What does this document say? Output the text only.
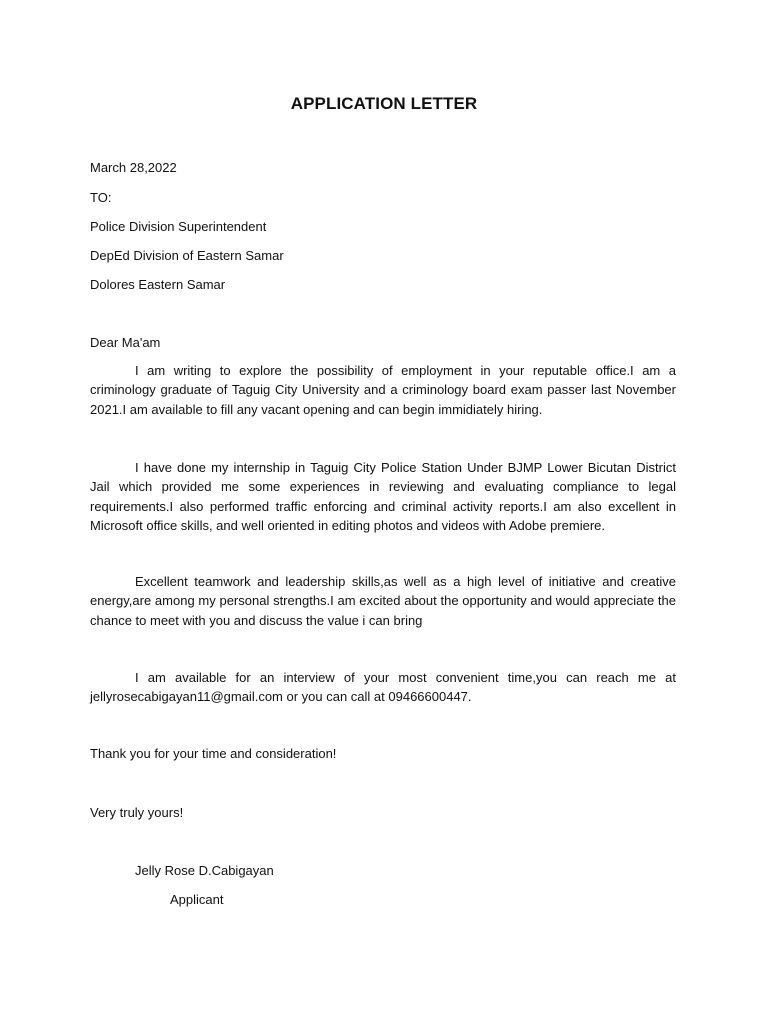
APPLICATION LETTER
March 28,2022
TO:
Police Division Superintendent
DepEd Division of Eastern Samar
Dolores Eastern Samar
Dear Ma'am
I am writing to explore the possibility of employment in your reputable office.I am a criminology graduate of Taguig City University and a criminology board exam passer last November 2021.I am available to fill any vacant opening and can begin immidiately hiring.
I have done my internship in Taguig City Police Station Under BJMP Lower Bicutan District Jail which provided me some experiences in reviewing and evaluating compliance to legal requirements.I also performed traffic enforcing and criminal activity reports.I am also excellent in Microsoft office skills, and well oriented in editing photos and videos with Adobe premiere.
Excellent teamwork and leadership skills,as well as a high level of initiative and creative energy,are among my personal strengths.I am excited about the opportunity and would appreciate the chance to meet with you and discuss the value i can bring
I am available for an interview of your most convenient time,you can reach me at jellyrosecabigayan11@gmail.com or you can call at 09466600447.
Thank you for your time and consideration!
Very truly yours!
Jelly Rose D.Cabigayan
Applicant
